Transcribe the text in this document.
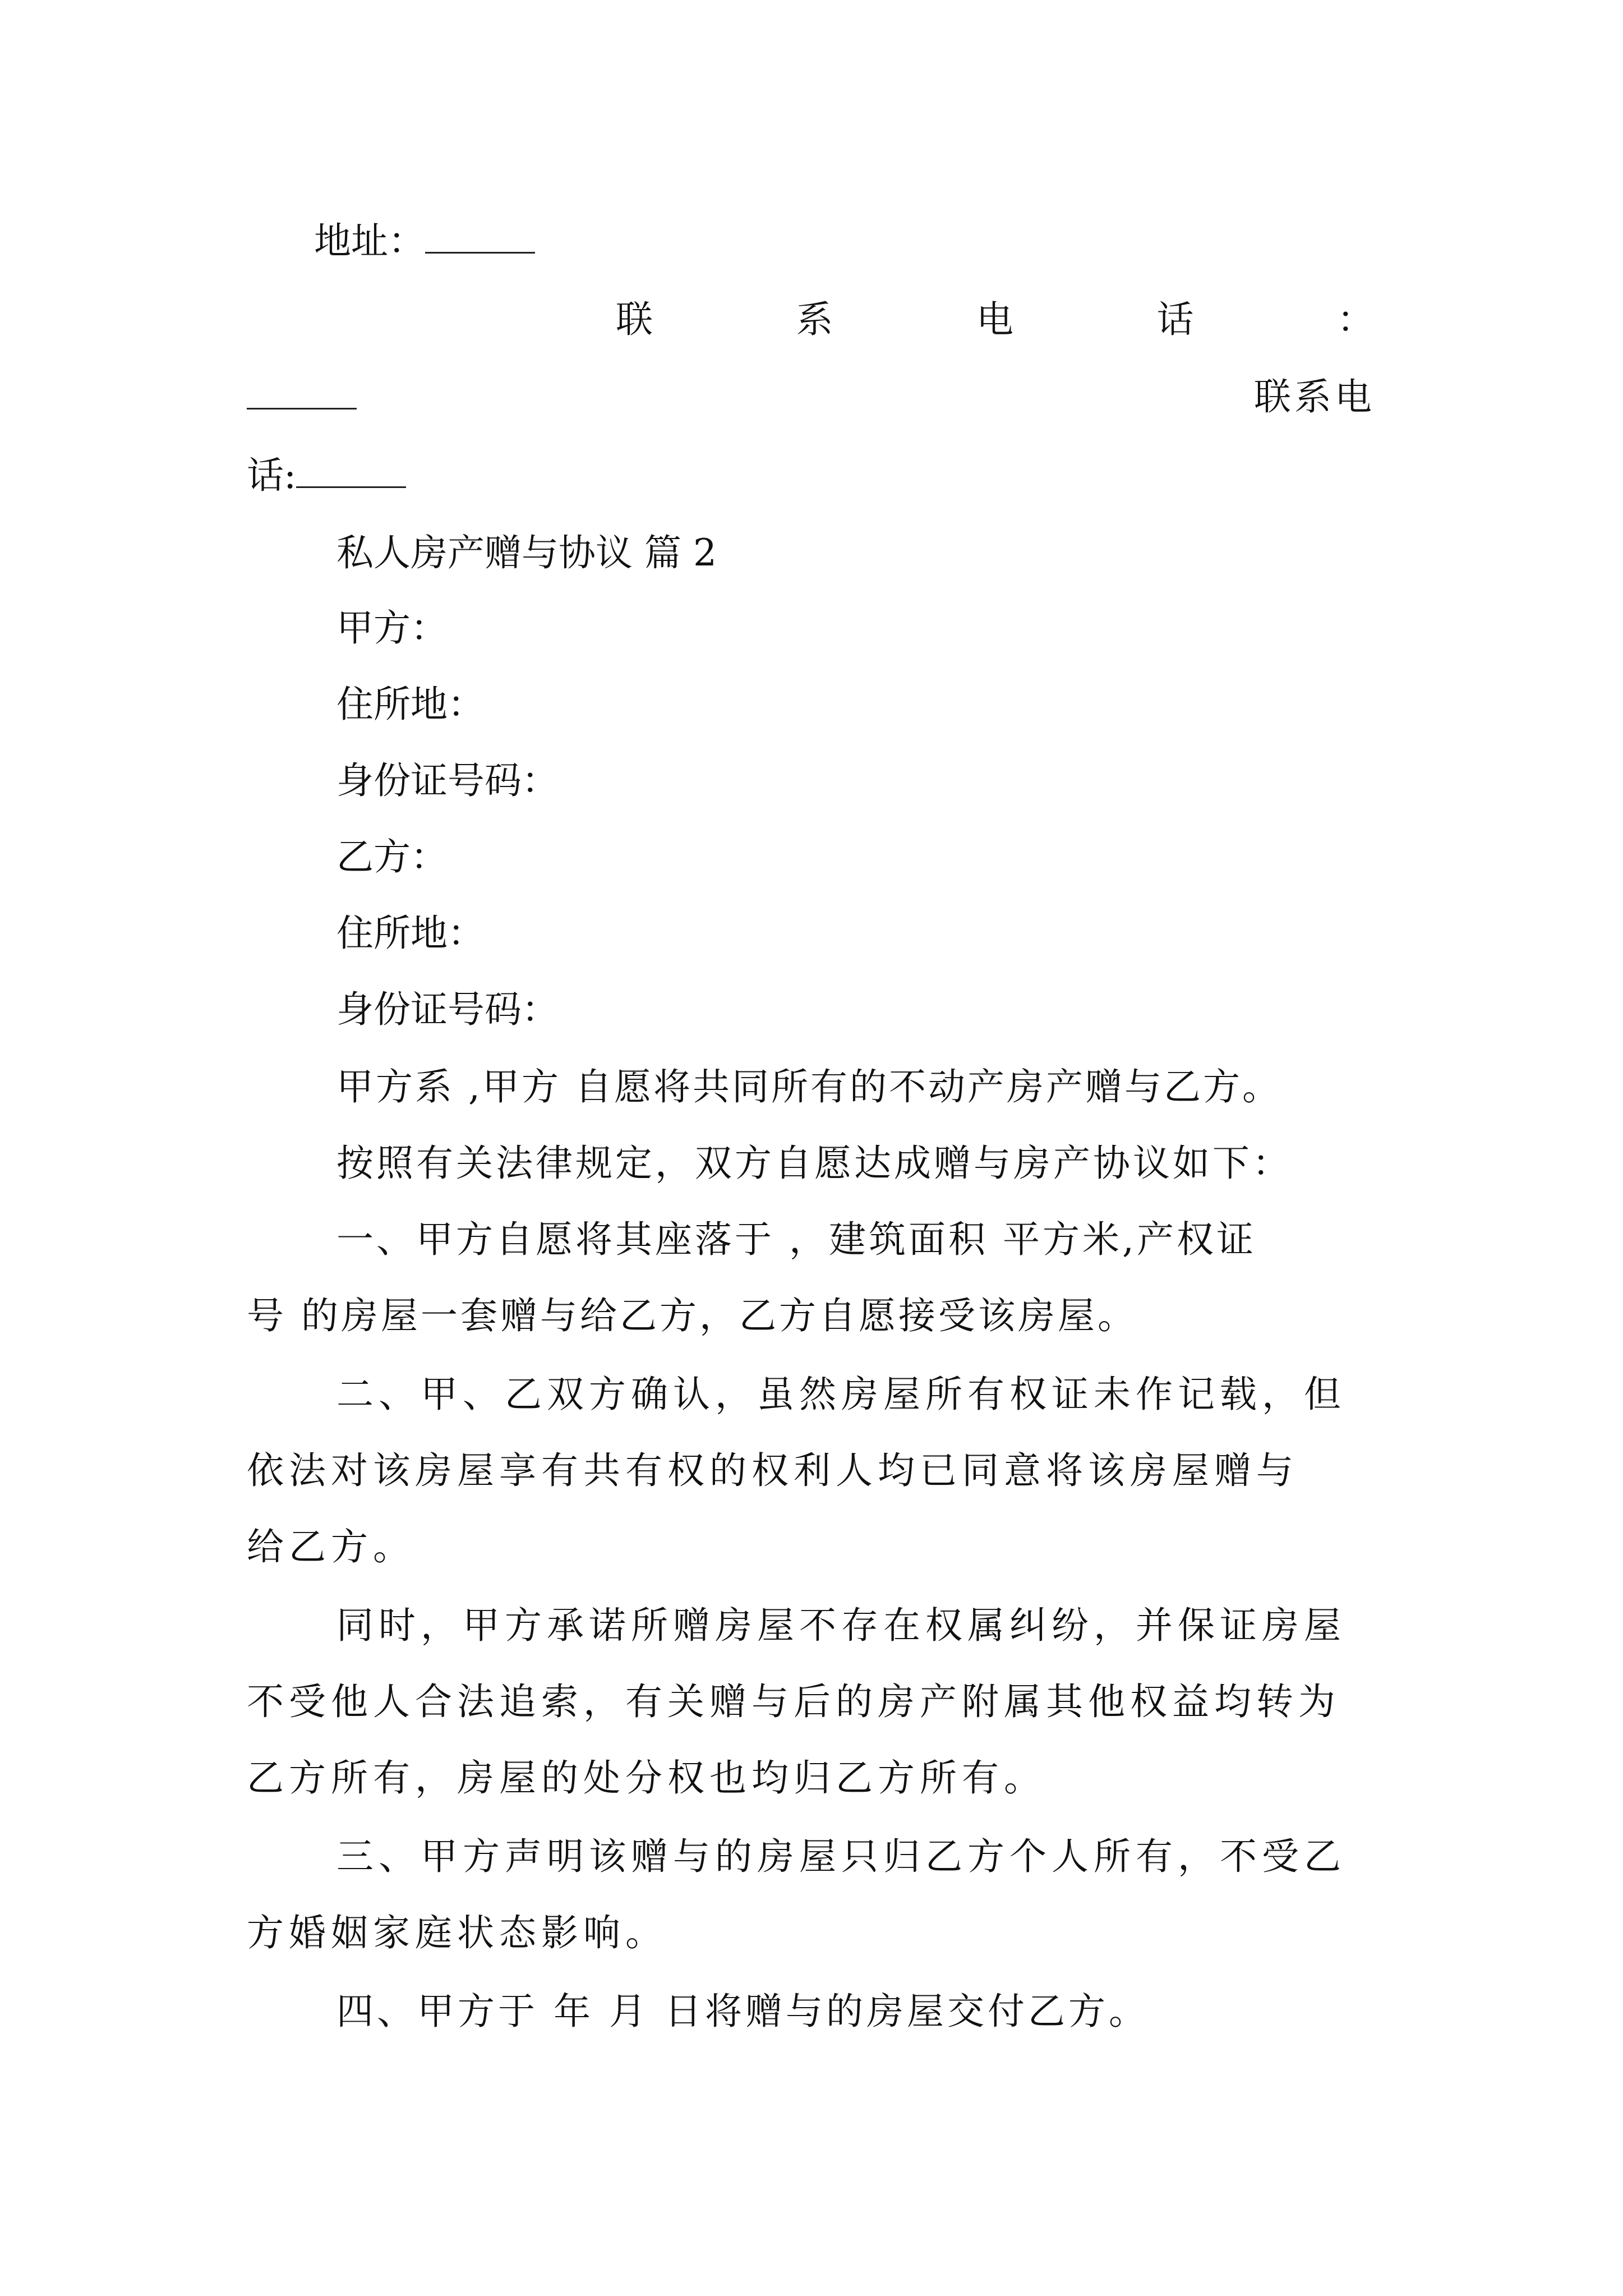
地址：
联	系	电	话	：
联系电
话:
私人房产赠与协议 篇 2
甲方：
住所地：
身份证号码：
乙方：
住所地：
身份证号码：
甲方系 ,甲方 自愿将共同所有的不动产房产赠与乙方。
按照有关法律规定，双方自愿达成赠与房产协议如下：
一、甲方自愿将其座落于 ，建筑面积 平方米,产权证
号 的房屋一套赠与给乙方，乙方自愿接受该房屋。
二、甲、乙双方确认，虽然房屋所有权证未作记载，但
依法对该房屋享有共有权的权利人均已同意将该房屋赠与
给乙方。
同时，甲方承诺所赠房屋不存在权属纠纷，并保证房屋
不受他人合法追索，有关赠与后的房产附属其他权益均转为
乙方所有，房屋的处分权也均归乙方所有。
三、甲方声明该赠与的房屋只归乙方个人所有，不受乙
方婚姻家庭状态影响。
四、甲方于 年 月 日将赠与的房屋交付乙方。
